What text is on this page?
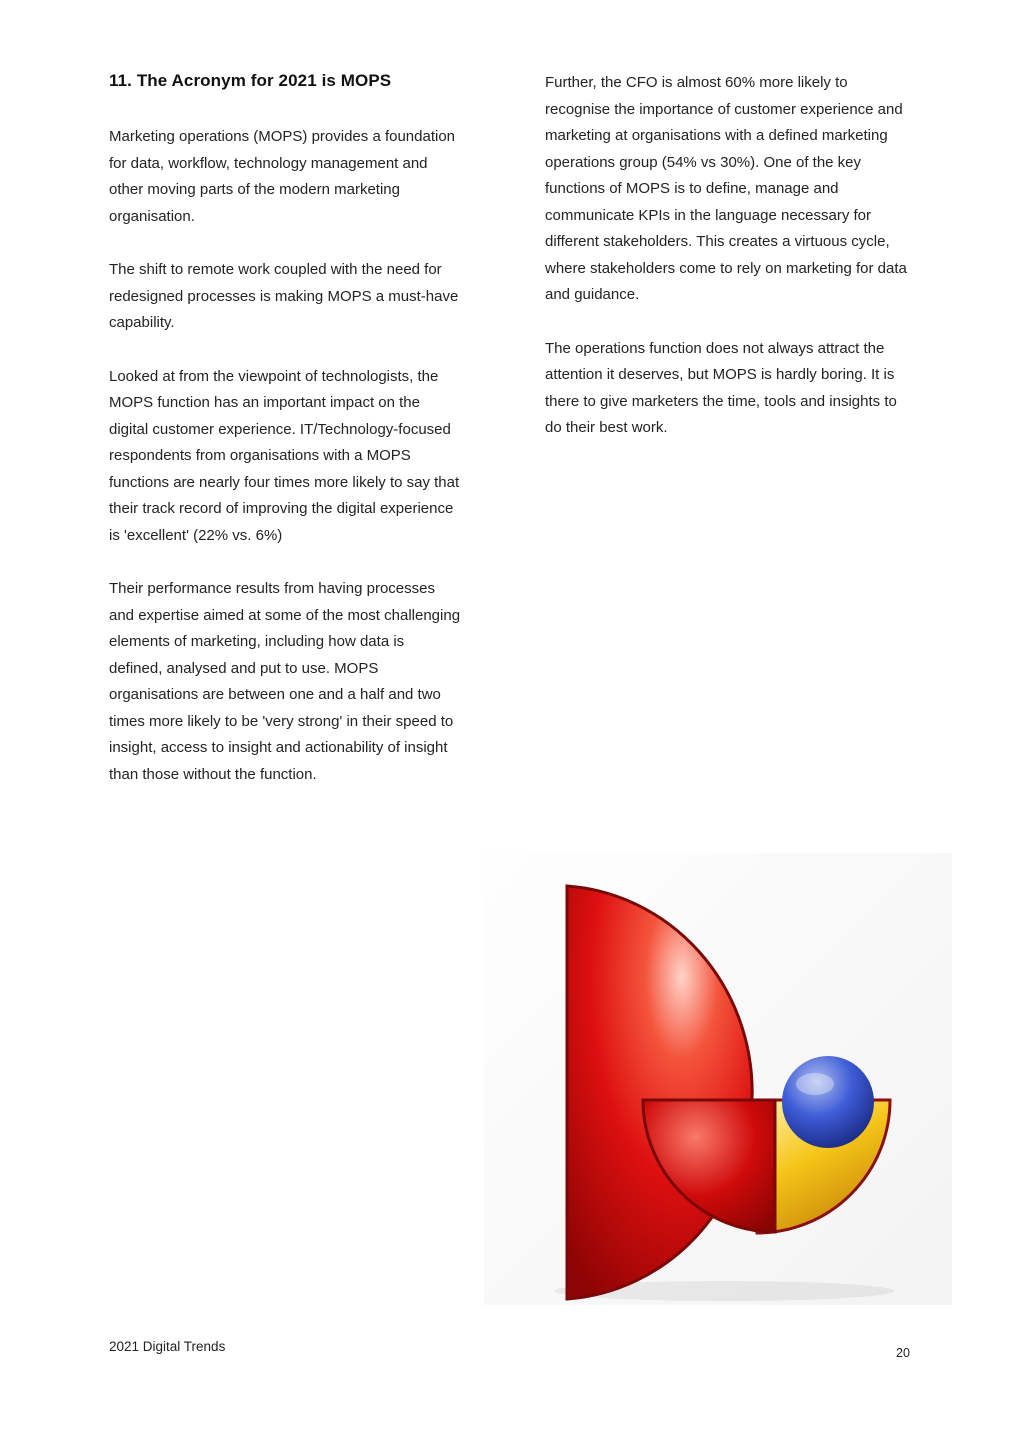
11. The Acronym for 2021 is MOPS

Marketing operations (MOPS) provides a foundation for data, workflow, technology management and other moving parts of the modern marketing organisation.

The shift to remote work coupled with the need for redesigned processes is making MOPS a must-have capability.

Looked at from the viewpoint of technologists, the MOPS function has an important impact on the digital customer experience. IT/Technology-focused respondents from organisations with a MOPS functions are nearly four times more likely to say that their track record of improving the digital experience is 'excellent' (22% vs. 6%)

Their performance results from having processes and expertise aimed at some of the most challenging elements of marketing, including how data is defined, analysed and put to use. MOPS organisations are between one and a half and two times more likely to be 'very strong' in their speed to insight, access to insight and actionability of insight than those without the function.

Further, the CFO is almost 60% more likely to recognise the importance of customer experience and marketing at organisations with a defined marketing operations group (54% vs 30%). One of the key functions of MOPS is to define, manage and communicate KPIs in the language necessary for different stakeholders. This creates a virtuous cycle, where stakeholders come to rely on marketing for data and guidance.

The operations function does not always attract the attention it deserves, but MOPS is hardly boring. It is there to give marketers the time, tools and insights to do their best work.

2021 Digital Trends	20
